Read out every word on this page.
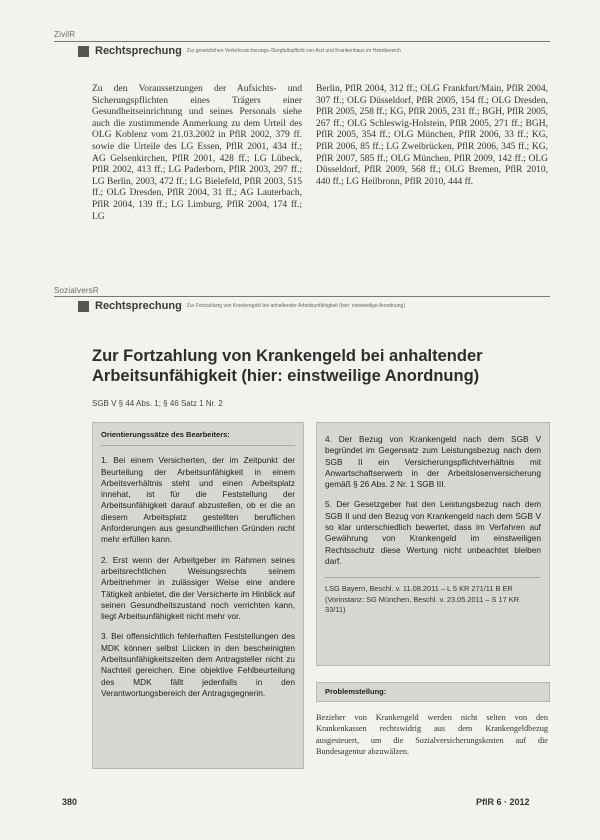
ZivilR
Rechtsprechung Zur gesetzlichen Verkehrssicherungs-/Sorgfaltspflicht von Arzt und Krankenhaus im Heimbereich

Zu den Voraussetzungen der Aufsichts- und Sicherungspflichten eines Trägers einer Gesundheitseinrichtung und seines Personals siehe auch die zustimmende Anmerkung zu dem Urteil des OLG Koblenz vom 21.03.2002 in PflR 2002, 379 ff. sowie die Urteile des LG Essen, PflR 2001, 434 ff.; AG Gelsenkirchen, PflR 2001, 428 ff.; LG Lübeck, PflR 2002, 413 ff.; LG Paderborn, PflR 2003, 297 ff.; LG Berlin, 2003, 472 ff.; LG Bielefeld, PflR 2003, 515 ff.; OLG Dresden, PflR 2004, 31 ff.; AG Lauterbach, PflR 2004, 139 ff.; LG Limburg, PflR 2004, 174 ff.; LG

Berlin, PflR 2004, 312 ff.; OLG Frankfurt/Main, PflR 2004, 307 ff.; OLG Düsseldorf, PflR 2005, 154 ff.; OLG Dresden, PflR 2005, 258 ff.; KG, PflR 2005, 231 ff.; BGH, PflR 2005, 267 ff.; OLG Schleswig-Holstein, PflR 2005, 271 ff.; BGH, PflR 2005, 354 ff.; OLG München, PflR 2006, 33 ff.; KG, PflR 2006, 85 ff.; LG Zweibrücken, PflR 2006, 345 ff.; KG, PflR 2007, 585 ff.; OLG München, PflR 2009, 142 ff.; OLG Düsseldorf, PflR 2009, 568 ff.; OLG Bremen, PflR 2010, 440 ff.; LG Heilbronn, PflR 2010, 444 ff.

SozialversR
Rechtsprechung Zur Fortzahlung von Krankengeld bei anhaltender Arbeitsunfähigkeit (hier: einstweilige Anordnung)
Zur Fortzahlung von Krankengeld bei anhaltender Arbeitsunfähigkeit (hier: einstweilige Anordnung)
SGB V § 44 Abs. 1; § 46 Satz 1 Nr. 2
Orientierungssätze des Bearbeiters:

1. Bei einem Versicherten, der im Zeitpunkt der Beurteilung der Arbeitsunfähigkeit in einem Arbeitsverhältnis steht und einen Arbeitsplatz innehat, ist für die Feststellung der Arbeitsunfähigkeit darauf abzustellen, ob er die an diesem Arbeitsplatz gestellten beruflichen Anforderungen aus gesundheitlichen Gründen nicht mehr erfüllen kann.

2. Erst wenn der Arbeitgeber im Rahmen seines arbeitsrechtlichen Weisungsrechts seinem Arbeitnehmer in zulässiger Weise eine andere Tätigkeit anbietet, die der Versicherte im Hinblick auf seinen Gesundheitszustand noch verrichten kann, liegt Arbeitsunfähigkeit nicht mehr vor.

3. Bei offensichtlich fehlerhaften Feststellungen des MDK können selbst Lücken in den bescheinigten Arbeitsunfähigkeitszeiten dem Antragsteller nicht zu Nachteil gereichen. Eine objektive Fehlbeurteilung des MDK fällt jedenfalls in den Verantwortungsbereich der Antragsgegnerin.

4. Der Bezug von Krankengeld nach dem SGB V begründet im Gegensatz zum Leistungsbezug nach dem SGB II ein Versicherungspflichtverhältnis mit Anwartschaftserwerb in der Arbeitslosenversicherung gemäß § 26 Abs. 2 Nr. 1 SGB III.

5. Der Gesetzgeber hat den Leistungsbezug nach dem SGB II und den Bezug von Krankengeld nach dem SGB V so klar unterschiedlich bewertet, dass im Verfahren auf Gewährung von Krankengeld im einstweiligen Rechtsschutz diese Wertung nicht unbeachtet bleiben darf.

LSG Bayern, Beschl. v. 11.08.2011 – L 5 KR 271/11 B ER (Vorinstanz: SG München, Beschl. v. 23.05.2011 – S 17 KR 33/11)
Problemstellung:
Bezieher von Krankengeld werden nicht selten von den Krankenkassen rechtswidrig aus dem Krankengeldbezug ausgesteuert, um die Sozialversicherungskosten auf die Bundesagentur abzuwälzen.
380	PflR 6 · 2012
